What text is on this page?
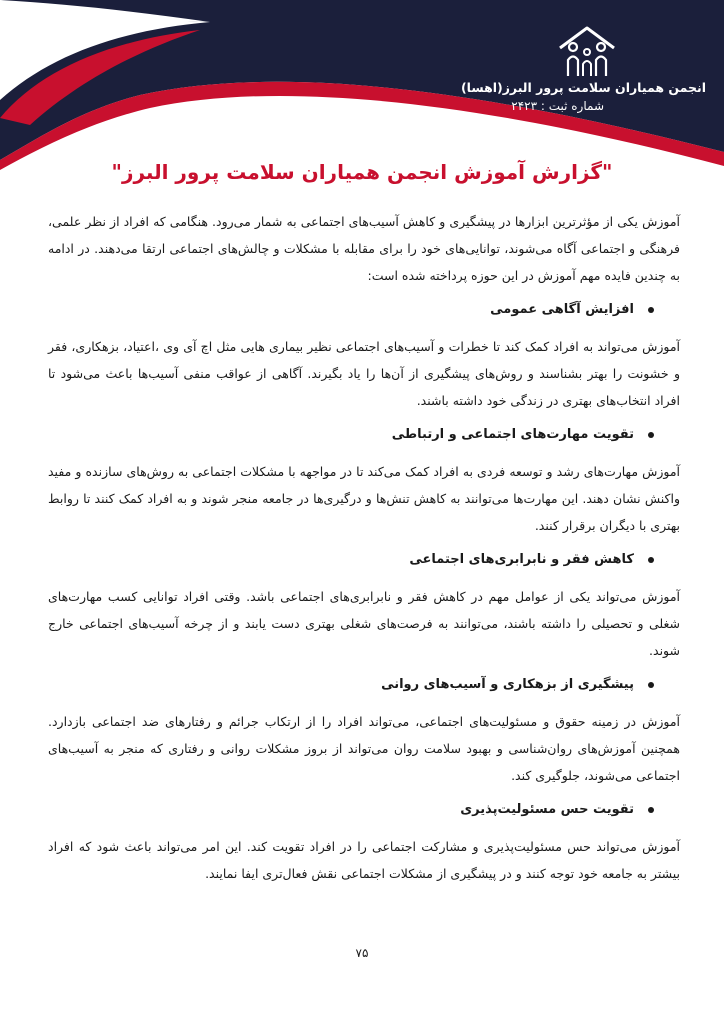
انجمن همیاران سلامت پرور البرز(اهسا)
شماره ثبت : ۲۴۲۳
"گزارش آموزش انجمن همیاران سلامت پرور البرز"

آموزش یکی از مؤثرترین ابزارها در پیشگیری و کاهش آسیب‌های اجتماعی به شمار می‌رود. هنگامی که افراد از نظر علمی، فرهنگی و اجتماعی آگاه می‌شوند، توانایی‌های خود را برای مقابله با مشکلات و چالش‌های اجتماعی ارتقا می‌دهند. در ادامه به چندین فایده مهم آموزش در این حوزه پرداخته شده است:

افزایش آگاهی عمومی

آموزش می‌تواند به افراد کمک کند تا خطرات و آسیب‌های اجتماعی نظیر بیماری هایی مثل اچ آی وی ،اعتیاد، بزهکاری، فقر و خشونت را بهتر بشناسند و روش‌های پیشگیری از آن‌ها را یاد بگیرند. آگاهی از عواقب منفی آسیب‌ها باعث می‌شود تا افراد انتخاب‌های بهتری در زندگی خود داشته باشند.

تقویت مهارت‌های اجتماعی و ارتباطی

آموزش مهارت‌های رشد و توسعه فردی به افراد کمک می‌کند تا در مواجهه با مشکلات اجتماعی به روش‌های سازنده و مفید واکنش نشان دهند. این مهارت‌ها می‌توانند به کاهش تنش‌ها و درگیری‌ها در جامعه منجر شوند و به افراد کمک کنند تا روابط بهتری با دیگران برقرار کنند.

کاهش فقر و نابرابری‌های اجتماعی

آموزش می‌تواند یکی از عوامل مهم در کاهش فقر و نابرابری‌های اجتماعی باشد. وقتی افراد توانایی کسب مهارت‌های شغلی و تحصیلی را داشته باشند، می‌توانند به فرصت‌های شغلی بهتری دست یابند و از چرخه آسیب‌های اجتماعی خارج شوند.

پیشگیری از بزهکاری و آسیب‌های روانی

آموزش در زمینه حقوق و مسئولیت‌های اجتماعی، می‌تواند افراد را از ارتکاب جرائم و رفتارهای ضد اجتماعی بازدارد. همچنین آموزش‌های روان‌شناسی و بهبود سلامت روان می‌تواند از بروز مشکلات روانی و رفتاری که منجر به آسیب‌های اجتماعی می‌شوند، جلوگیری کند.

تقویت حس مسئولیت‌پذیری

آموزش می‌تواند حس مسئولیت‌پذیری و مشارکت اجتماعی را در افراد تقویت کند. این امر می‌تواند باعث شود که افراد بیشتر به جامعه خود توجه کنند و در پیشگیری از مشکلات اجتماعی نقش فعال‌تری ایفا نمایند.

۷۵
